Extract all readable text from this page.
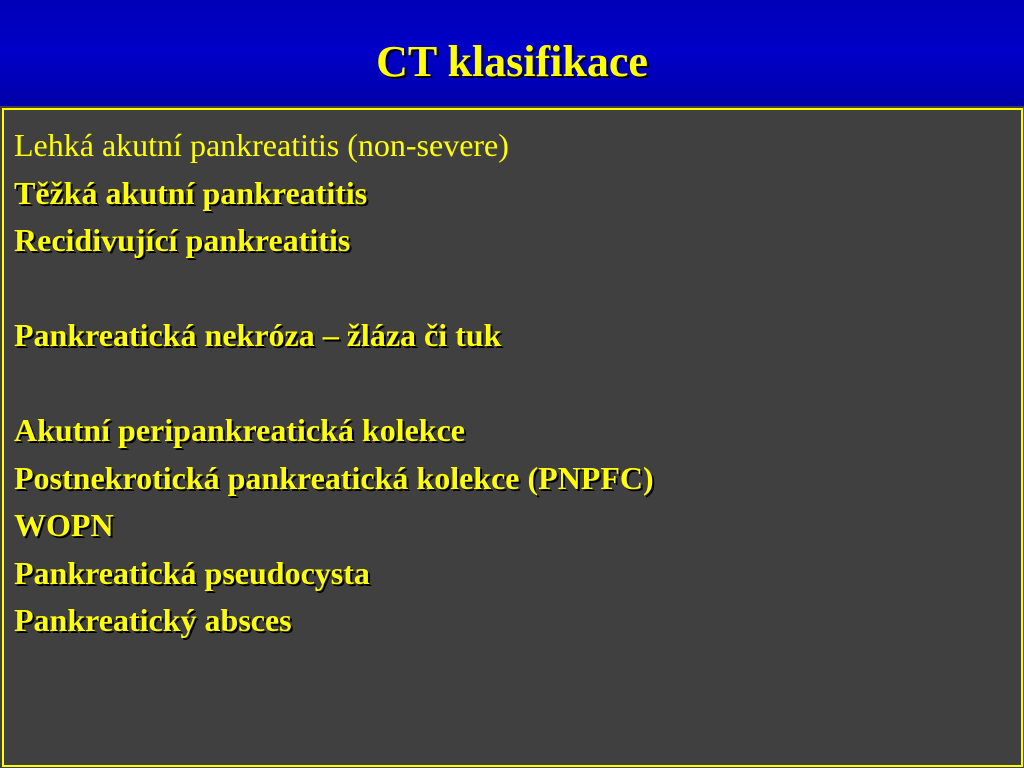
CT klasifikace
Lehká akutní pankreatitis (non-severe)
Těžká akutní pankreatitis
Recidivující pankreatitis
Pankreatická nekróza – žláza či tuk
Akutní peripankreatická kolekce
Postnekrotická pankreatická kolekce (PNPFC)
WOPN
Pankreatická pseudocysta
Pankreatický absces
